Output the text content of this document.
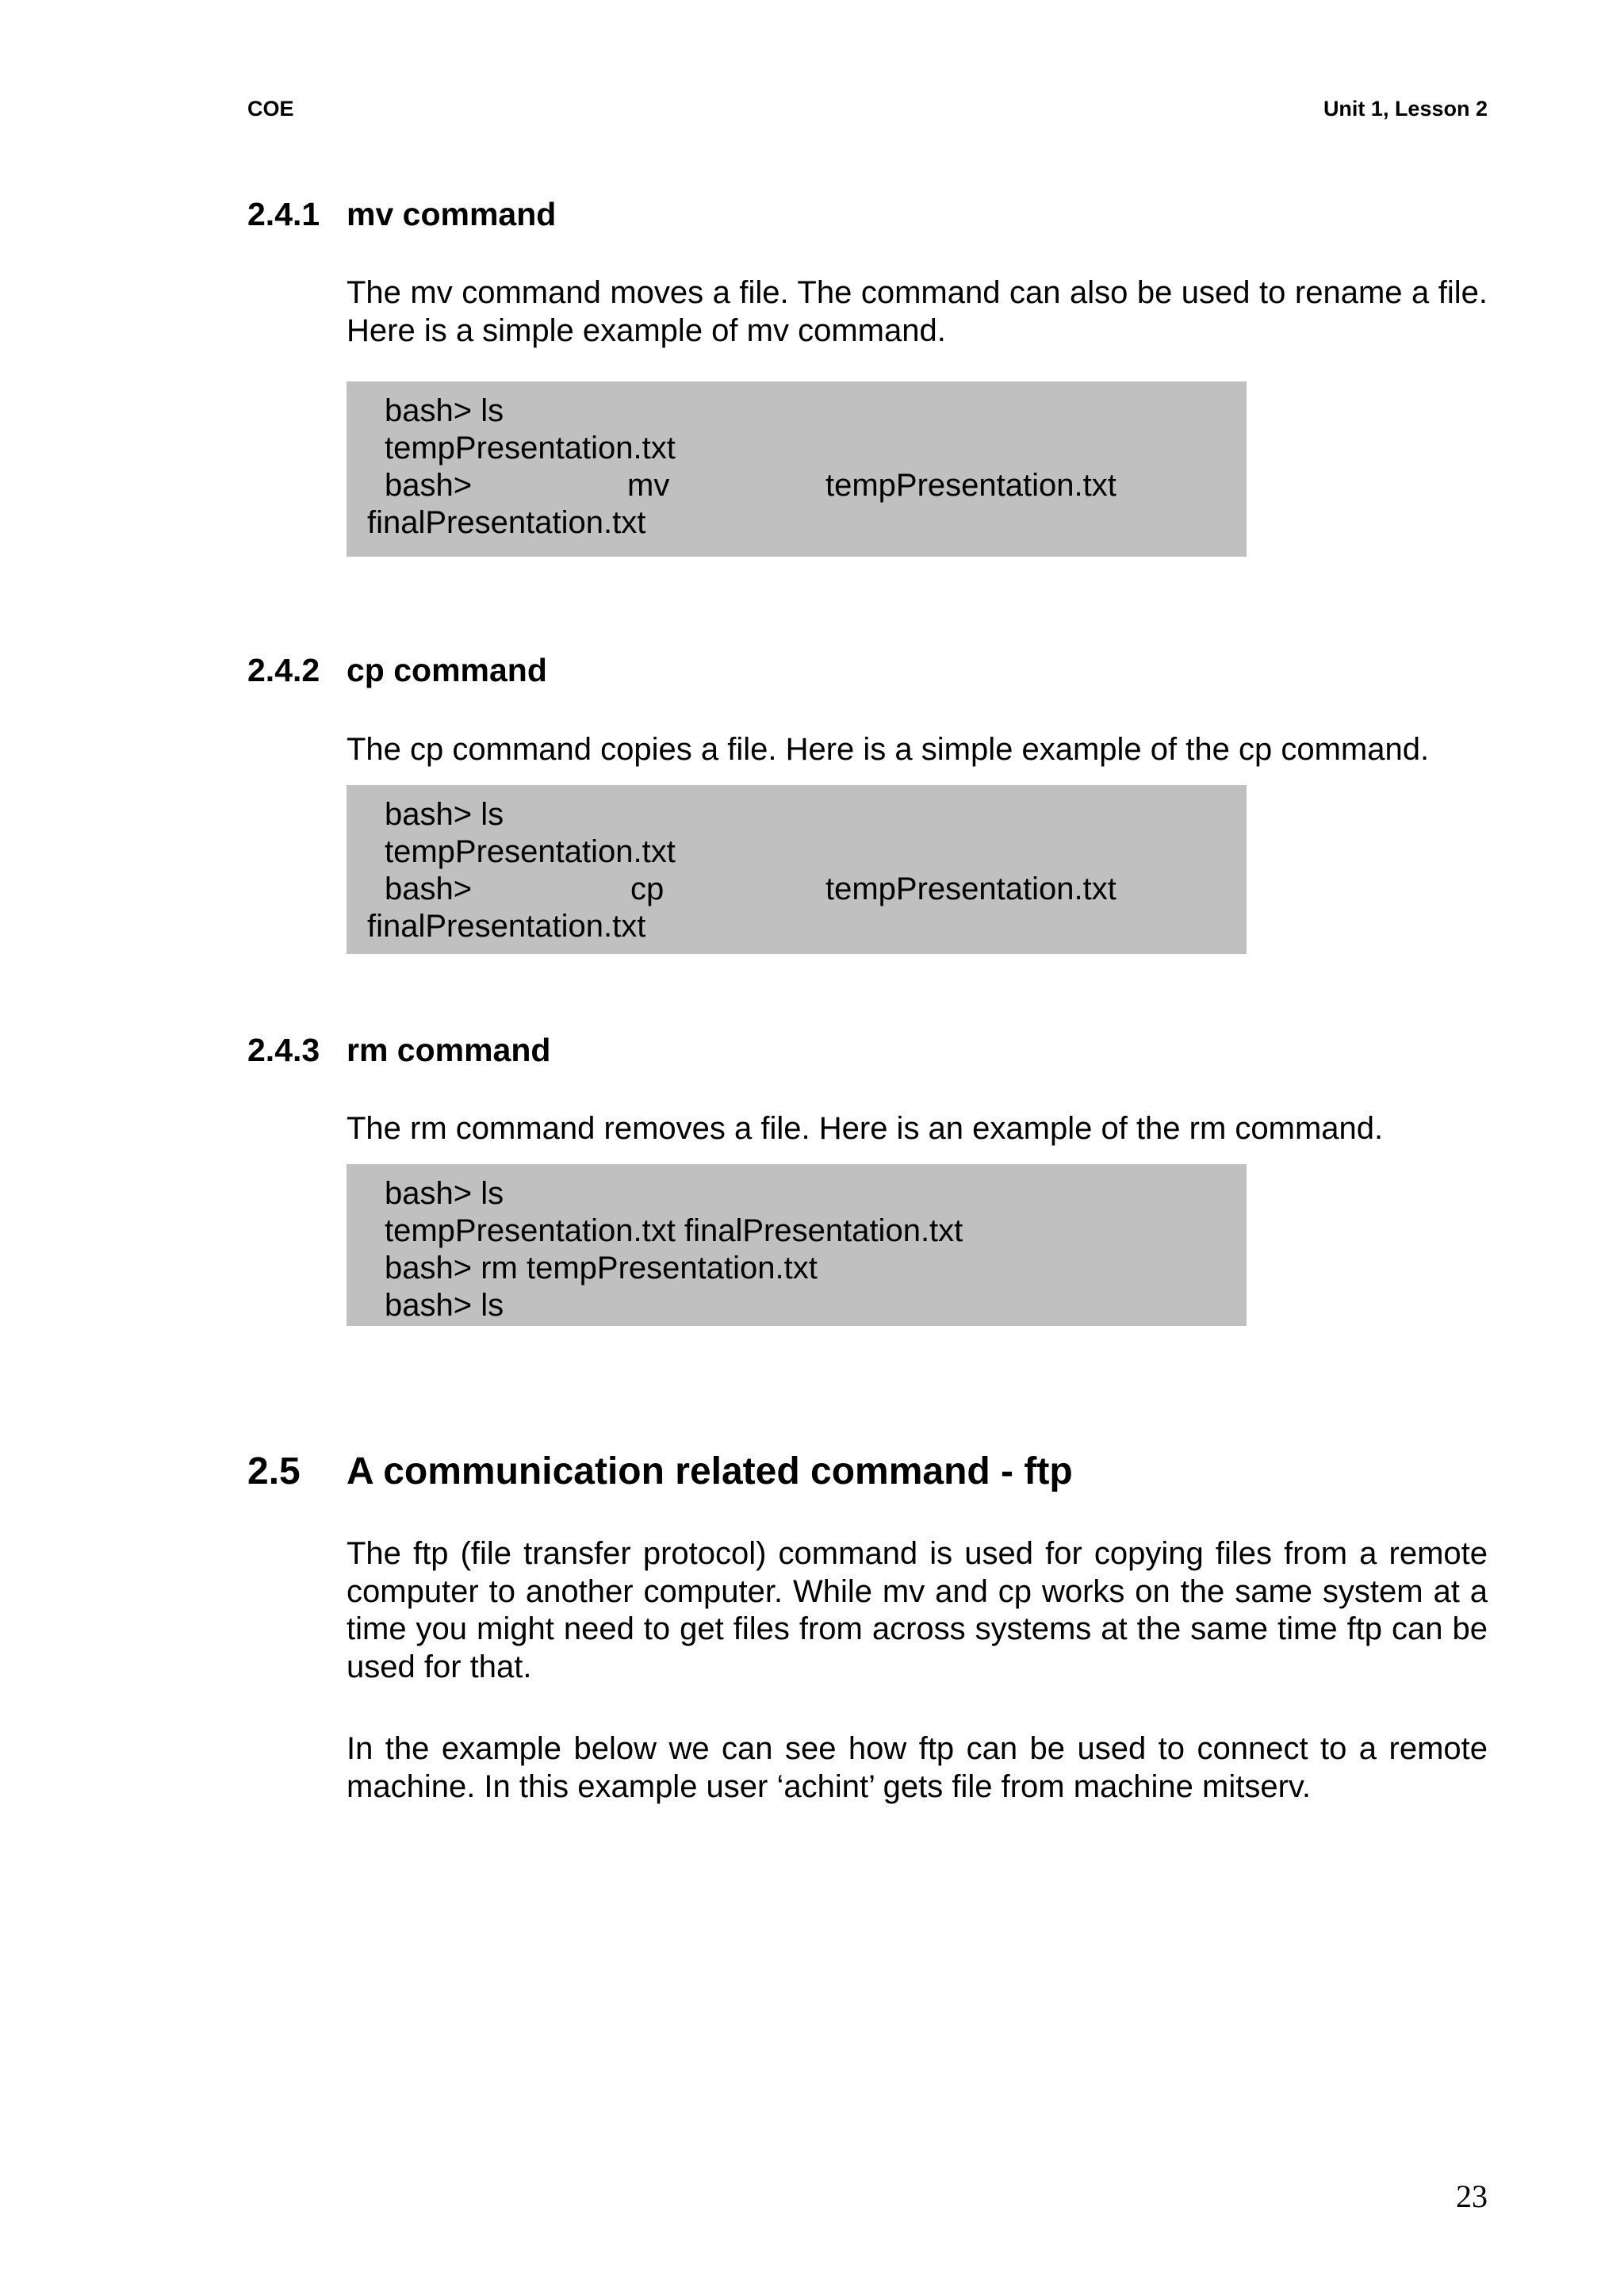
COE	Unit 1, Lesson 2
2.4.1 mv command
The mv command moves a file. The command can also be used to rename a file. Here is a simple example of mv command.
bash> ls
tempPresentation.txt
bash>	mv	tempPresentation.txt
finalPresentation.txt
2.4.2 cp command
The cp command copies a file. Here is a simple example of the cp command.
bash> ls
tempPresentation.txt
bash>	cp	tempPresentation.txt
finalPresentation.txt
2.4.3 rm command
The rm command removes a file. Here is an example of the rm command.
bash> ls
tempPresentation.txt finalPresentation.txt
bash> rm tempPresentation.txt
bash> ls
2.5 A communication related command - ftp
The ftp (file transfer protocol) command is used for copying files from a remote computer to another computer. While mv and cp works on the same system at a time you might need to get files from across systems at the same time ftp can be used for that.
In the example below we can see how ftp can be used to connect to a remote machine. In this example user ‘achint’ gets file from machine mitserv.
23
